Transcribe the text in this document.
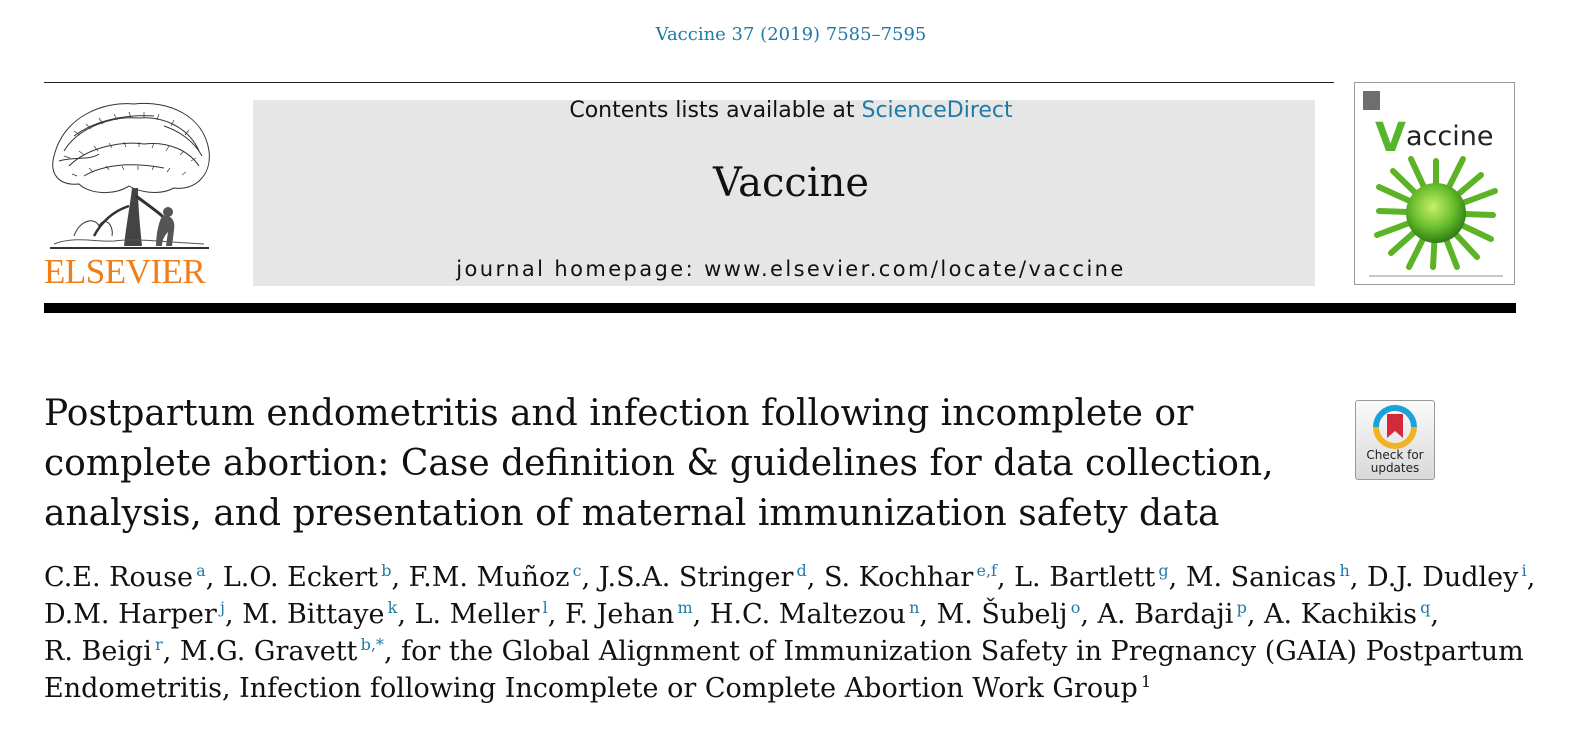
Vaccine 37 (2019) 7585–7595
ELSEVIER
Contents lists available at ScienceDirect
Vaccine
journal homepage: www.elsevier.com/locate/vaccine
Vaccine
Postpartum endometritis and infection following incomplete or complete abortion: Case definition & guidelines for data collection, analysis, and presentation of maternal immunization safety data
Check for
updates
C.E. Rouse $^a$, L.O. Eckert $^b$, F.M. Muñoz $^c$, J.S.A. Stringer $^d$, S. Kochhar $^{e,f}$, L. Bartlett $^g$, M. Sanicas $^h$, D.J. Dudley $^i$, D.M. Harper $^j$, M. Bittaye $^k$, L. Meller $^l$, F. Jehan $^m$, H.C. Maltezou $^n$, M. Šubelj $^o$, A. Bardaji $^p$, A. Kachikis $^q$, R. Beigi $^r$, M.G. Gravett $^{b,*}$, for the Global Alignment of Immunization Safety in Pregnancy (GAIA) Postpartum Endometritis, Infection following Incomplete or Complete Abortion Work Group $^1$
